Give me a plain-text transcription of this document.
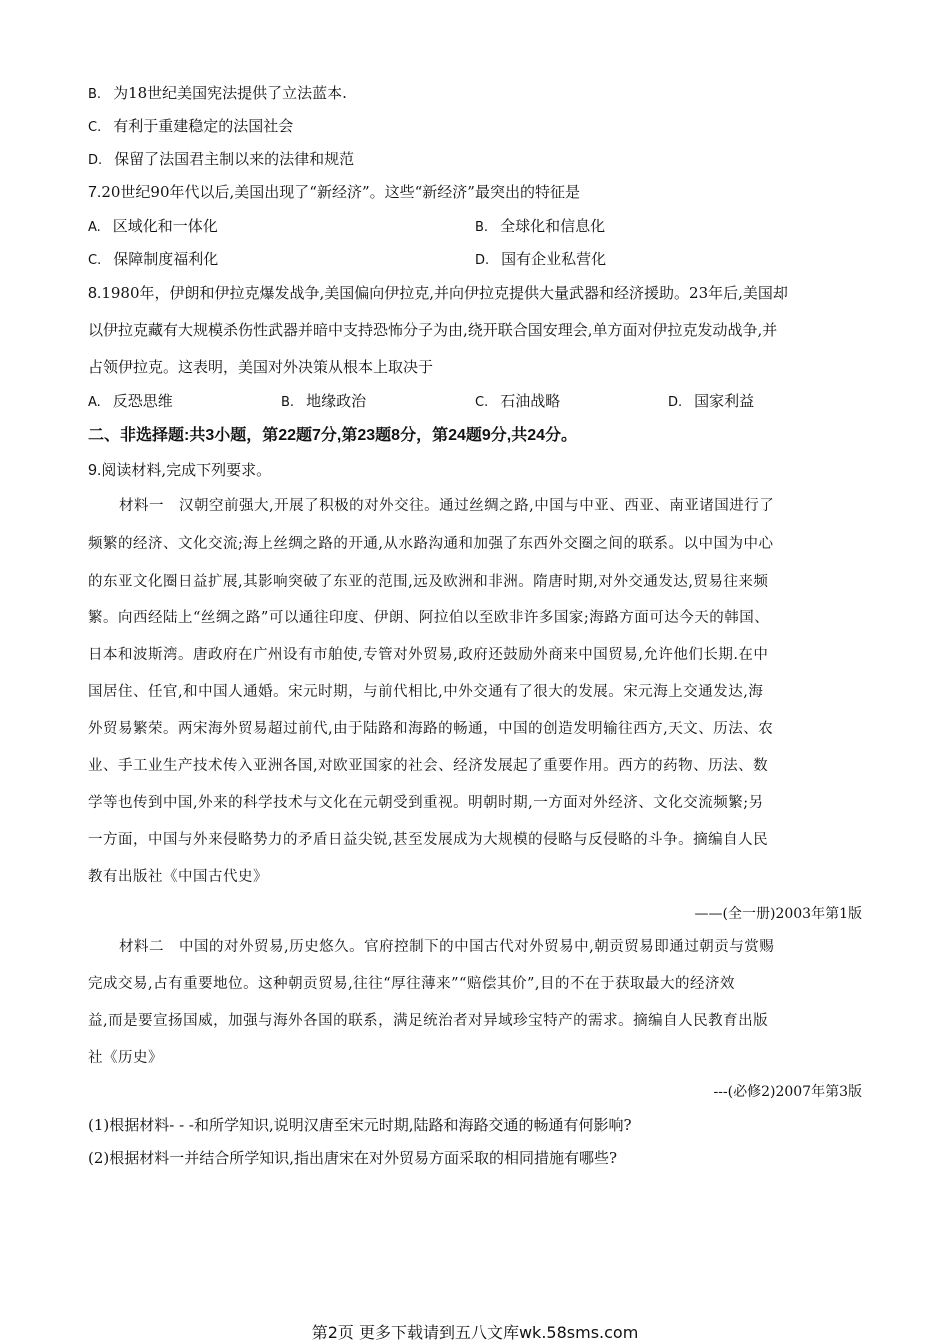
B. 为18世纪美国宪法提供了立法蓝本.
C. 有利于重建稳定的法国社会
D. 保留了法国君主制以来的法律和规范
7.20世纪90年代以后,美国出现了“新经济”。这些“新经济”最突出的特征是
A. 区域化和一体化	B. 全球化和信息化
C. 保障制度福利化	D. 国有企业私营化
8.1980年，伊朗和伊拉克爆发战争,美国偏向伊拉克,并向伊拉克提供大量武器和经济援助。23年后,美国却
以伊拉克藏有大规模杀伤性武器并暗中支持恐怖分子为由,绕开联合国安理会,单方面对伊拉克发动战争,并
占领伊拉克。这表明，美国对外决策从根本上取决于
A. 反恐思维	B. 地缘政治	C. 石油战略	D. 国家利益
二、非选择题:共3小题，第22题7分,第23题8分，第24题9分,共24分。
9.阅读材料,完成下列要求。
材料一　汉朝空前强大,开展了积极的对外交往。通过丝绸之路,中国与中亚、西亚、南亚诸国进行了
频繁的经济、文化交流;海上丝绸之路的开通,从水路沟通和加强了东西外交圈之间的联系。以中国为中心
的东亚文化圈日益扩展,其影响突破了东亚的范围,远及欧洲和非洲。隋唐时期,对外交通发达,贸易往来频
繁。向西经陆上“丝绸之路”可以通往印度、伊朗、阿拉伯以至欧非许多国家;海路方面可达今天的韩国、
日本和波斯湾。唐政府在广州设有市舶使,专管对外贸易,政府还鼓励外商来中国贸易,允许他们长期.在中
国居住、任官,和中国人通婚。宋元时期，与前代相比,中外交通有了很大的发展。宋元海上交通发达,海
外贸易繁荣。两宋海外贸易超过前代,由于陆路和海路的畅通，中国的创造发明输往西方,天文、历法、农
业、手工业生产技术传入亚洲各国,对欧亚国家的社会、经济发展起了重要作用。西方的药物、历法、数
学等也传到中国,外来的科学技术与文化在元朝受到重视。明朝时期,一方面对外经济、文化交流频繁;另
一方面，中国与外来侵略势力的矛盾日益尖锐,甚至发展成为大规模的侵略与反侵略的斗争。摘编自人民
教有出版社《中国古代史》
——(全一册)2003年第1版
材料二　中国的对外贸易,历史悠久。官府控制下的中国古代对外贸易中,朝贡贸易即通过朝贡与赏赐
完成交易,占有重要地位。这种朝贡贸易,往往“厚往薄来”“赔偿其价”,目的不在于获取最大的经济效
益,而是要宣扬国威，加强与海外各国的联系，满足统治者对异域珍宝特产的需求。摘编自人民教育出版
社《历史》
---(必修2)2007年第3版
(1)根据材料- - -和所学知识,说明汉唐至宋元时期,陆路和海路交通的畅通有何影响?
(2)根据材料一并结合所学知识,指出唐宋在对外贸易方面采取的相同措施有哪些?
第2页 更多下载请到五八文库wk.58sms.com
